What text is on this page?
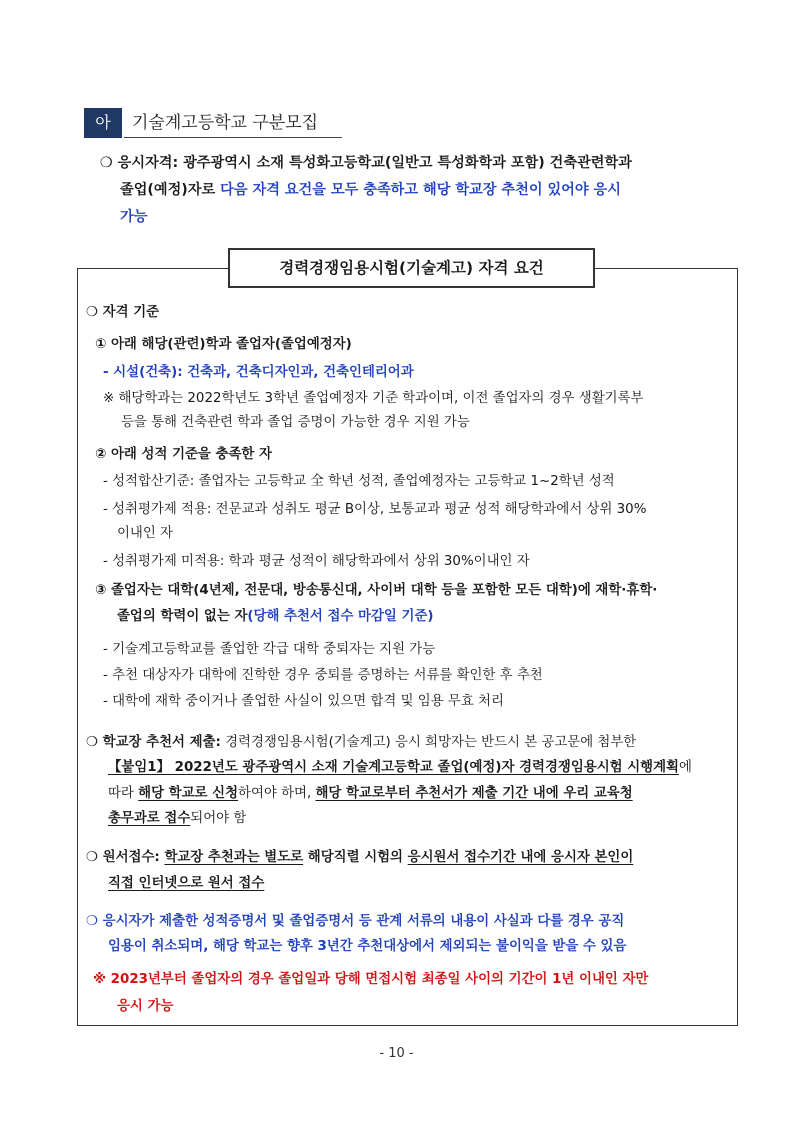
아	기술계고등학교 구분모집
❍ 응시자격: 광주광역시 소재 특성화고등학교(일반고 특성화학과 포함) 건축관련학과
졸업(예정)자로 다음 자격 요건을 모두 충족하고 해당 학교장 추천이 있어야 응시
가능
경력경쟁임용시험(기술계고) 자격 요건
❍ 자격 기준
① 아래 해당(관련)학과 졸업자(졸업예정자)
- 시설(건축): 건축과, 건축디자인과, 건축인테리어과
※ 해당학과는 2022학년도 3학년 졸업예정자 기준 학과이며, 이전 졸업자의 경우 생활기록부
등을 통해 건축관련 학과 졸업 증명이 가능한 경우 지원 가능
② 아래 성적 기준을 충족한 자
- 성적합산기준: 졸업자는 고등학교 全 학년 성적, 졸업예정자는 고등학교 1~2학년 성적
- 성취평가제 적용: 전문교과 성취도 평균 B이상, 보통교과 평균 성적 해당학과에서 상위 30%
이내인 자
- 성취평가제 미적용: 학과 평균 성적이 해당학과에서 상위 30%이내인 자
③ 졸업자는 대학(4년제, 전문대, 방송통신대, 사이버 대학 등을 포함한 모든 대학)에 재학·휴학·
졸업의 학력이 없는 자(당해 추천서 접수 마감일 기준)
- 기술계고등학교를 졸업한 각급 대학 중퇴자는 지원 가능
- 추천 대상자가 대학에 진학한 경우 중퇴를 증명하는 서류를 확인한 후 추천
- 대학에 재학 중이거나 졸업한 사실이 있으면 합격 및 임용 무효 처리
❍ 학교장 추천서 제출: 경력경쟁임용시험(기술계고) 응시 희망자는 반드시 본 공고문에 첨부한
【붙임1】 2022년도 광주광역시 소재 기술계고등학교 졸업(예정)자 경력경쟁임용시험 시행계획에
따라 해당 학교로 신청하여야 하며, 해당 학교로부터 추천서가 제출 기간 내에 우리 교육청
총무과로 접수되어야 함
❍ 원서접수: 학교장 추천과는 별도로 해당직렬 시험의 응시원서 접수기간 내에 응시자 본인이
직접 인터넷으로 원서 접수
❍ 응시자가 제출한 성적증명서 및 졸업증명서 등 관계 서류의 내용이 사실과 다를 경우 공직
임용이 취소되며, 해당 학교는 향후 3년간 추천대상에서 제외되는 불이익을 받을 수 있음
※ 2023년부터 졸업자의 경우 졸업일과 당해 면접시험 최종일 사이의 기간이 1년 이내인 자만
응시 가능
- 10 -
